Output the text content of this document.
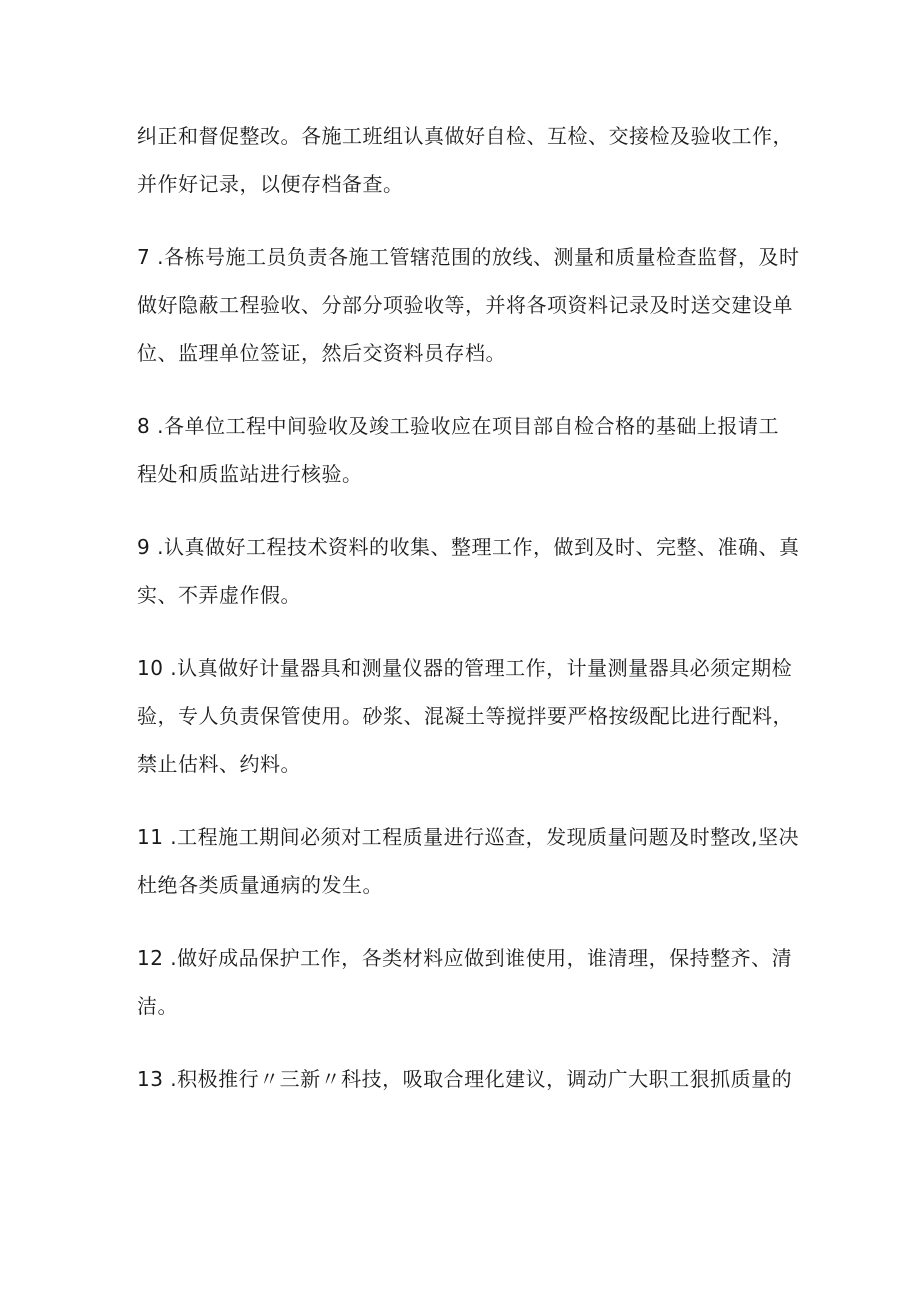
纠正和督促整改。各施工班组认真做好自检、互检、交接检及验收工作，
并作好记录，以便存档备查。
7 .各栋号施工员负责各施工管辖范围的放线、测量和质量检查监督，及时
做好隐蔽工程验收、分部分项验收等，并将各项资料记录及时送交建设单
位、监理单位签证，然后交资料员存档。
8 .各单位工程中间验收及竣工验收应在项目部自检合格的基础上报请工
程处和质监站进行核验。
9 .认真做好工程技术资料的收集、整理工作，做到及时、完整、准确、真
实、不弄虚作假。
10 .认真做好计量器具和测量仪器的管理工作，计量测量器具必须定期检
验，专人负责保管使用。砂浆、混凝土等搅拌要严格按级配比进行配料，
禁止估料、约料。
11 .工程施工期间必须对工程质量进行巡查，发现质量问题及时整改,坚决
杜绝各类质量通病的发生。
12 .做好成品保护工作，各类材料应做到谁使用，谁清理，保持整齐、清
洁。
13 .积极推行〃三新〃科技，吸取合理化建议，调动广大职工狠抓质量的
